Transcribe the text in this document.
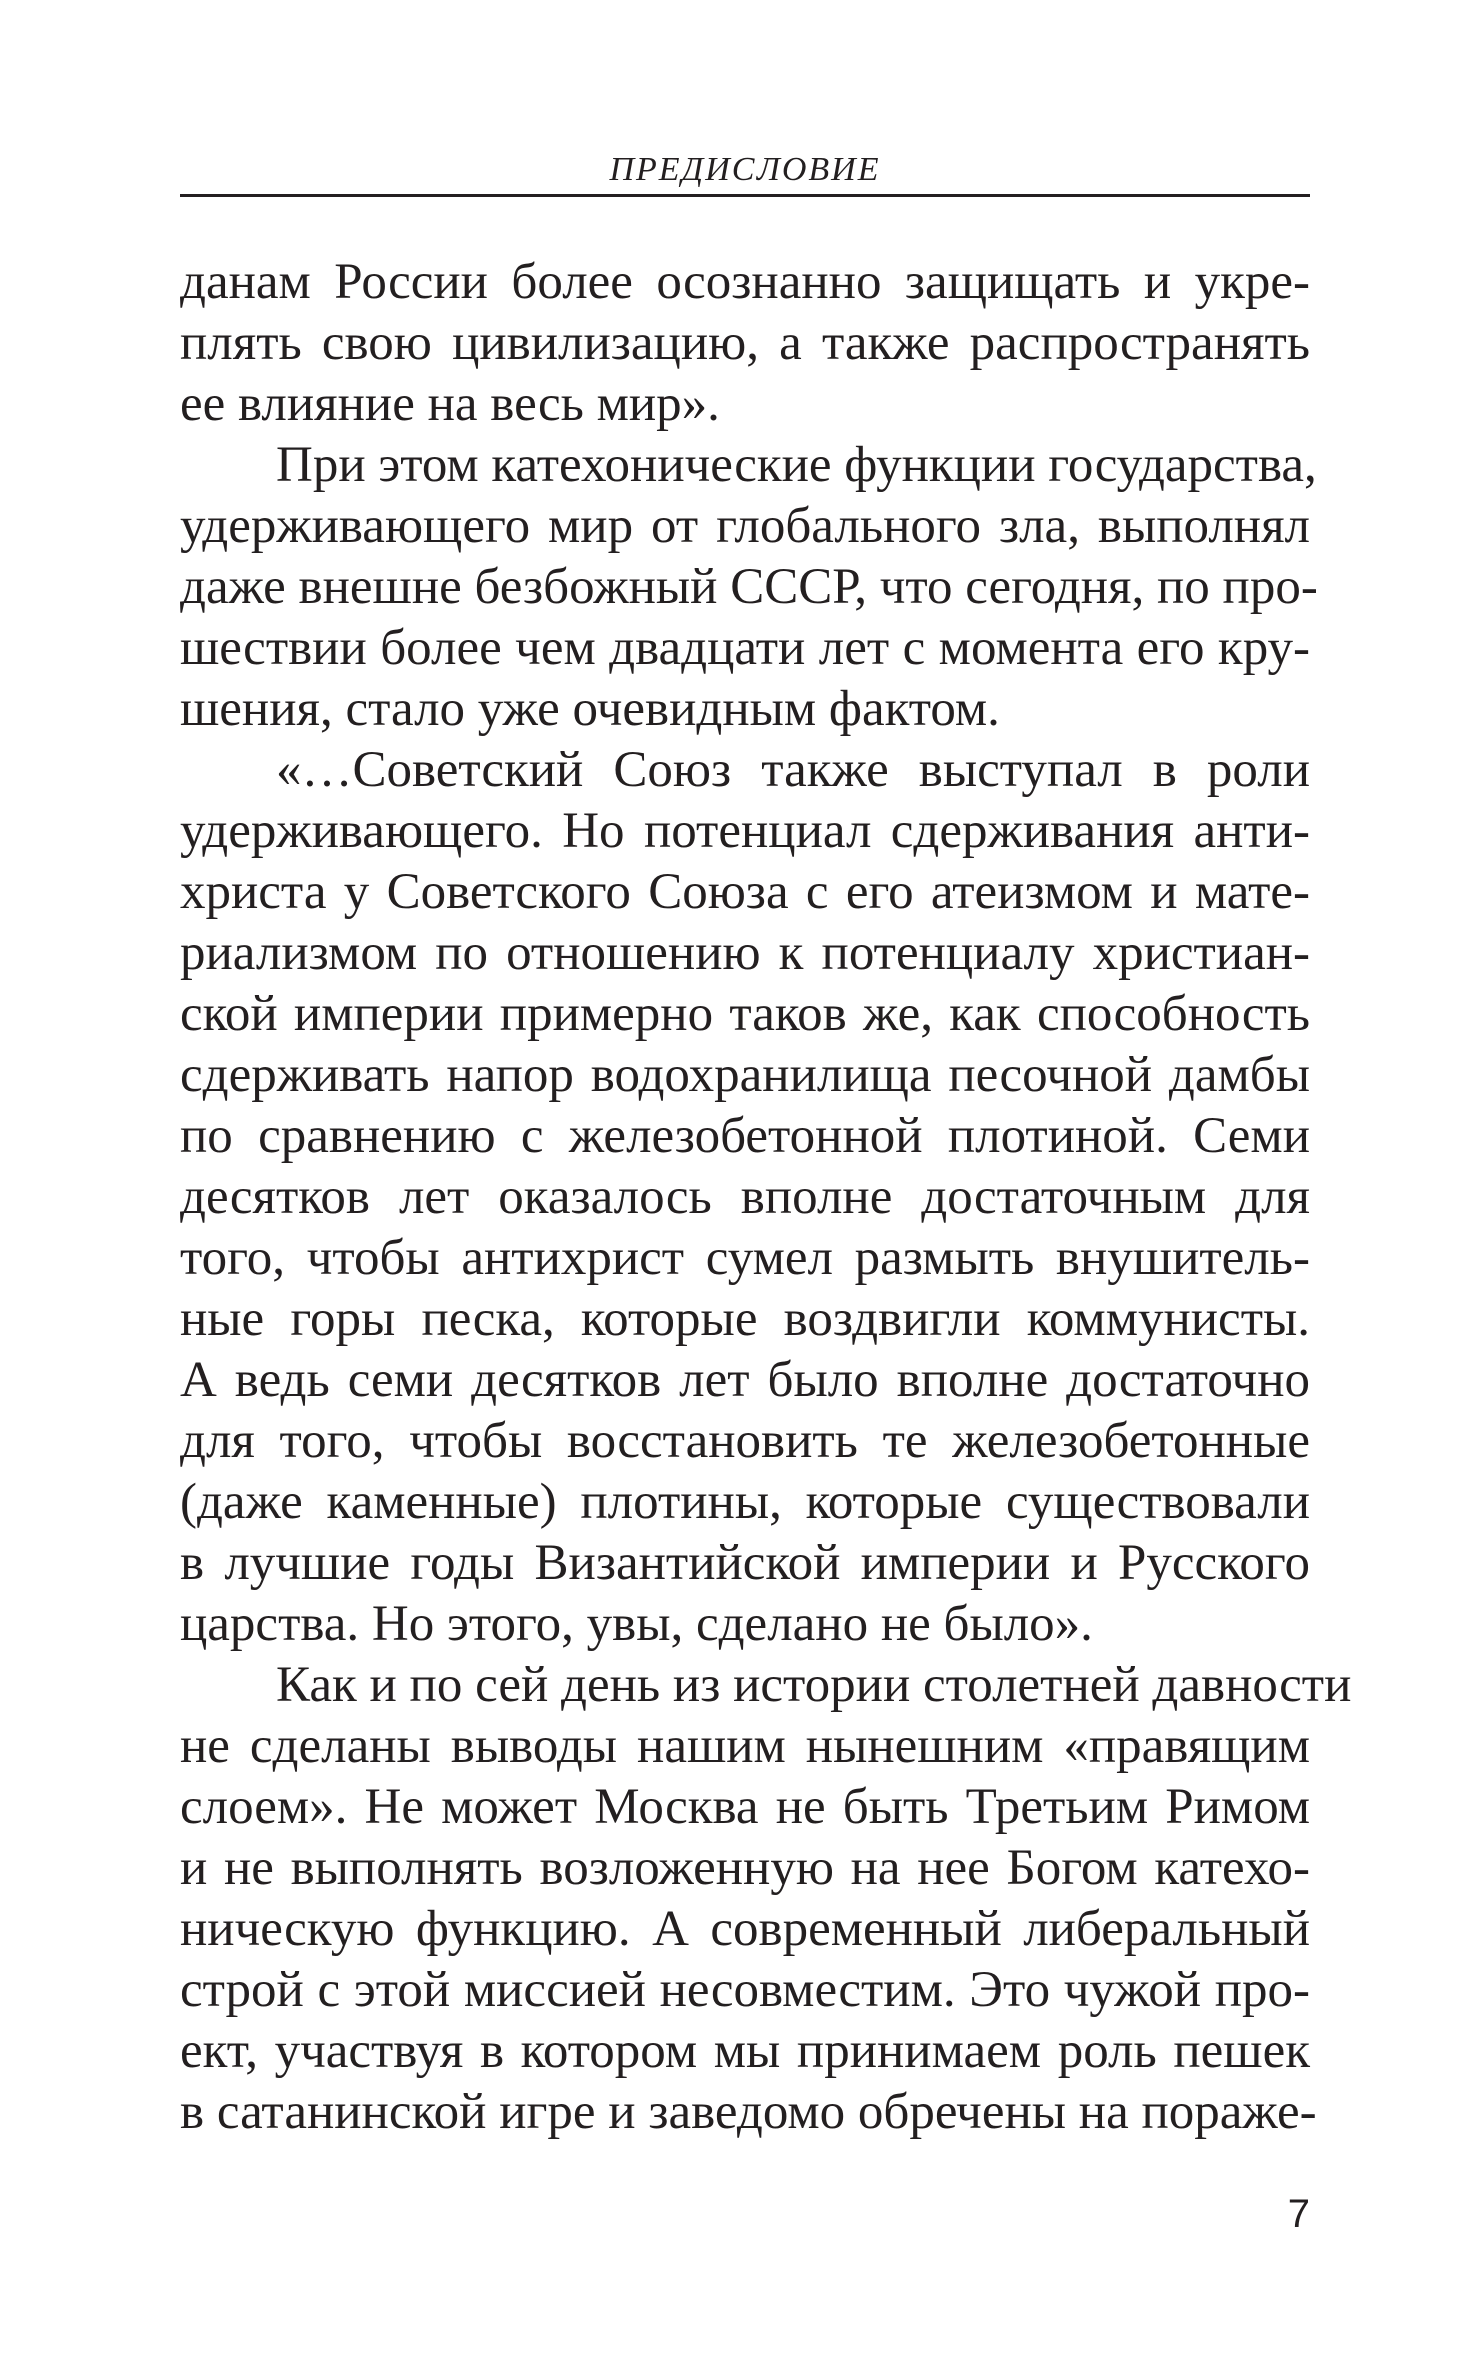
ПРЕДИСЛОВИЕ
данам России более осознанно защищать и укре-
плять свою цивилизацию, а также распространять
ее влияние на весь мир».
При этом катехонические функции государства,
удерживающего мир от глобального зла, выполнял
даже внешне безбожный СССР, что сегодня, по про-
шествии более чем двадцати лет с момента его кру-
шения, стало уже очевидным фактом.
«…Советский Союз также выступал в роли
удерживающего. Но потенциал сдерживания анти-
христа у Советского Союза с его атеизмом и мате-
риализмом по отношению к потенциалу христиан-
ской империи примерно таков же, как способность
сдерживать напор водохранилища песочной дамбы
по сравнению с железобетонной плотиной. Семи
десятков лет оказалось вполне достаточным для
того, чтобы антихрист сумел размыть внушитель-
ные горы песка, которые воздвигли коммунисты.
А ведь семи десятков лет было вполне достаточно
для того, чтобы восстановить те железобетонные
(даже каменные) плотины, которые существовали
в лучшие годы Византийской империи и Русского
царства. Но этого, увы, сделано не было».
Как и по сей день из истории столетней давности
не сделаны выводы нашим нынешним «правящим
слоем». Не может Москва не быть Третьим Римом
и не выполнять возложенную на нее Богом катехо-
ническую функцию. А современный либеральный
строй с этой миссией несовместим. Это чужой про-
ект, участвуя в котором мы принимаем роль пешек
в сатанинской игре и заведомо обречены на пораже-
7
